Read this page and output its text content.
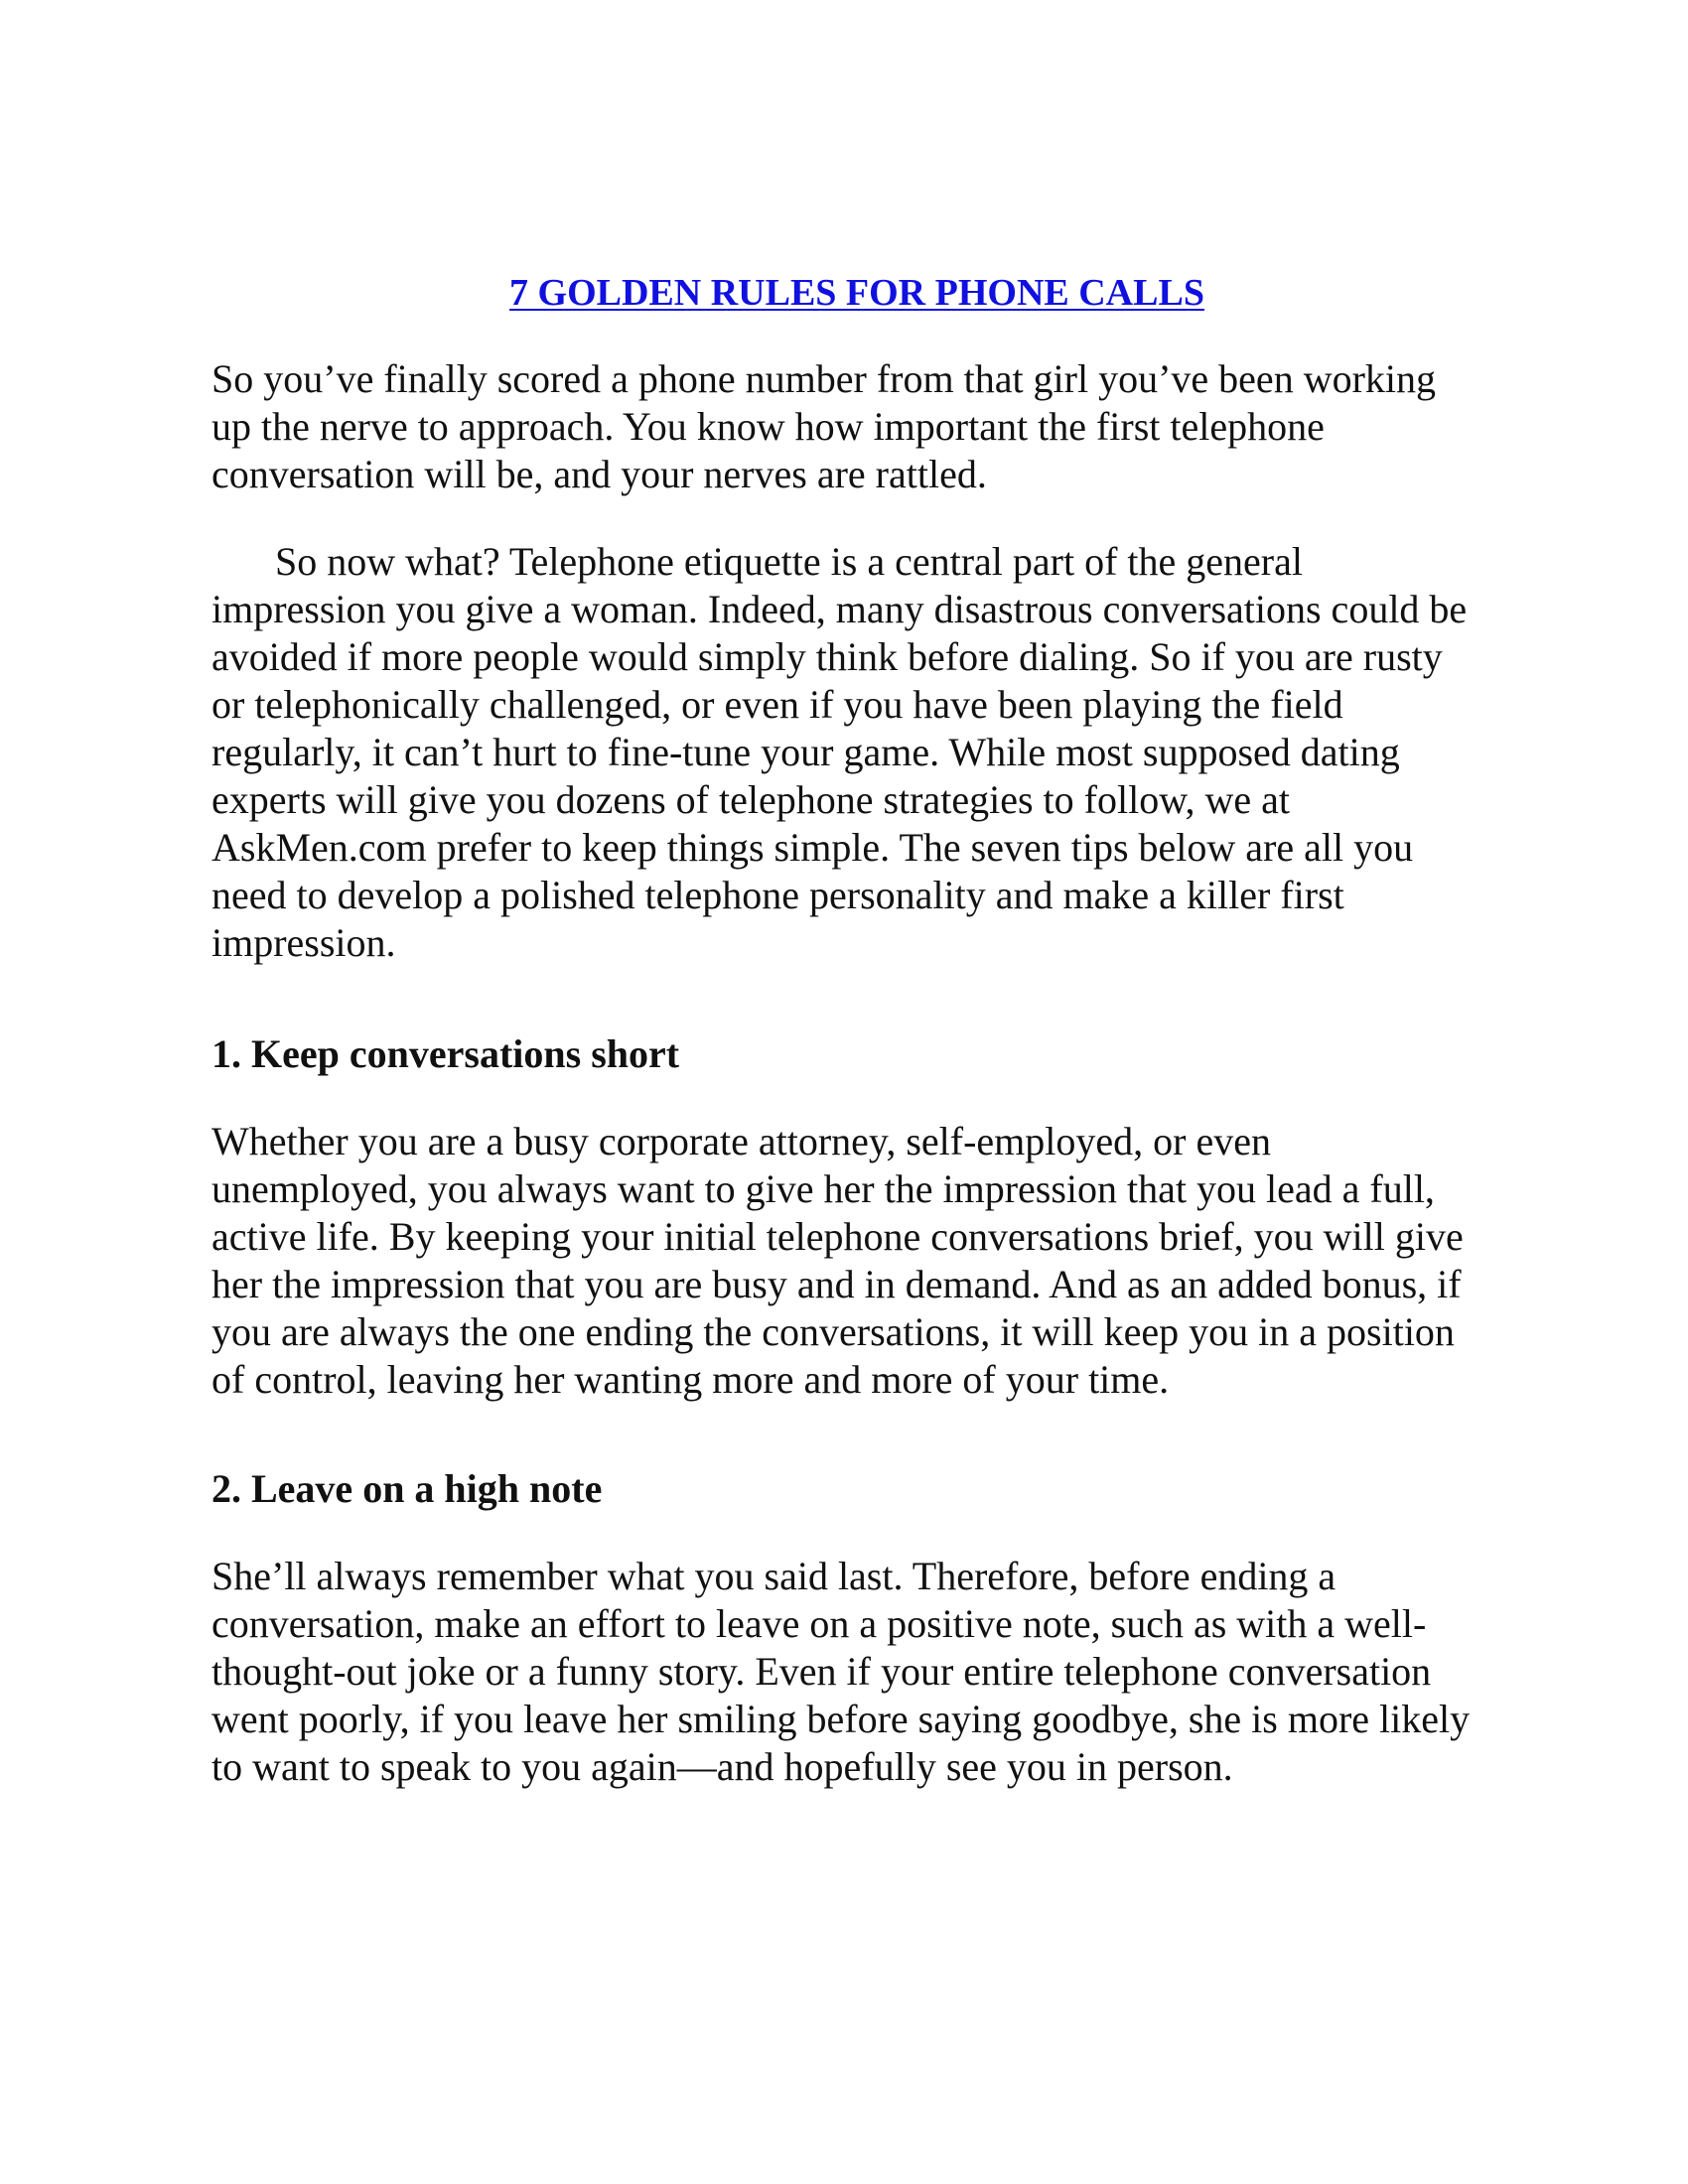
7 GOLDEN RULES FOR PHONE CALLS

So you’ve finally scored a phone number from that girl you’ve been working up the nerve to approach. You know how important the first telephone conversation will be, and your nerves are rattled.

So now what? Telephone etiquette is a central part of the general impression you give a woman. Indeed, many disastrous conversations could be avoided if more people would simply think before dialing. So if you are rusty or telephonically challenged, or even if you have been playing the field regularly, it can’t hurt to fine-tune your game. While most supposed dating experts will give you dozens of telephone strategies to follow, we at AskMen.com prefer to keep things simple. The seven tips below are all you need to develop a polished telephone personality and make a killer first impression.

1. Keep conversations short

Whether you are a busy corporate attorney, self-employed, or even unemployed, you always want to give her the impression that you lead a full, active life. By keeping your initial telephone conversations brief, you will give her the impression that you are busy and in demand. And as an added bonus, if you are always the one ending the conversations, it will keep you in a position of control, leaving her wanting more and more of your time.

2. Leave on a high note

She’ll always remember what you said last. Therefore, before ending a conversation, make an effort to leave on a positive note, such as with a well-thought-out joke or a funny story. Even if your entire telephone conversation went poorly, if you leave her smiling before saying goodbye, she is more likely to want to speak to you again—and hopefully see you in person.
